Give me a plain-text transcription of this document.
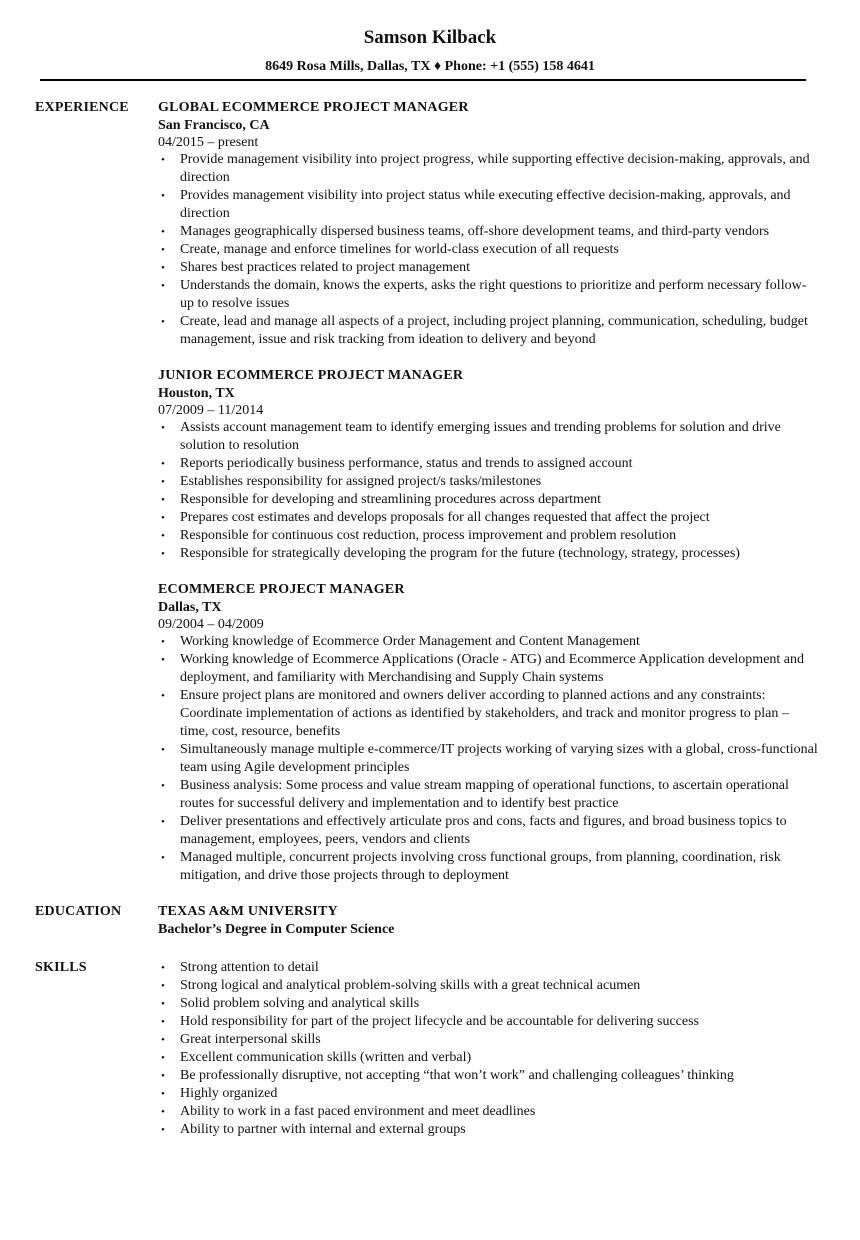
Samson Kilback
8649 Rosa Mills, Dallas, TX ♦ Phone: +1 (555) 158 4641
EXPERIENCE GLOBAL ECOMMERCE PROJECT MANAGER
San Francisco, CA
04/2015 – present
• Provide management visibility into project progress, while supporting effective decision-making, approvals, and direction
• Provides management visibility into project status while executing effective decision-making, approvals, and direction
• Manages geographically dispersed business teams, off-shore development teams, and third-party vendors
• Create, manage and enforce timelines for world-class execution of all requests
• Shares best practices related to project management
• Understands the domain, knows the experts, asks the right questions to prioritize and perform necessary follow-up to resolve issues
• Create, lead and manage all aspects of a project, including project planning, communication, scheduling, budget management, issue and risk tracking from ideation to delivery and beyond
JUNIOR ECOMMERCE PROJECT MANAGER
Houston, TX
07/2009 – 11/2014
• Assists account management team to identify emerging issues and trending problems for solution and drive solution to resolution
• Reports periodically business performance, status and trends to assigned account
• Establishes responsibility for assigned project/s tasks/milestones
• Responsible for developing and streamlining procedures across department
• Prepares cost estimates and develops proposals for all changes requested that affect the project
• Responsible for continuous cost reduction, process improvement and problem resolution
• Responsible for strategically developing the program for the future (technology, strategy, processes)
ECOMMERCE PROJECT MANAGER
Dallas, TX
09/2004 – 04/2009
• Working knowledge of Ecommerce Order Management and Content Management
• Working knowledge of Ecommerce Applications (Oracle - ATG) and Ecommerce Application development and deployment, and familiarity with Merchandising and Supply Chain systems
• Ensure project plans are monitored and owners deliver according to planned actions and any constraints: Coordinate implementation of actions as identified by stakeholders, and track and monitor progress to plan – time, cost, resource, benefits
• Simultaneously manage multiple e-commerce/IT projects working of varying sizes with a global, cross-functional team using Agile development principles
• Business analysis: Some process and value stream mapping of operational functions, to ascertain operational routes for successful delivery and implementation and to identify best practice
• Deliver presentations and effectively articulate pros and cons, facts and figures, and broad business topics to management, employees, peers, vendors and clients
• Managed multiple, concurrent projects involving cross functional groups, from planning, coordination, risk mitigation, and drive those projects through to deployment
EDUCATION	TEXAS A&M UNIVERSITY
Bachelor’s Degree in Computer Science
SKILLS	• Strong attention to detail
• Strong logical and analytical problem-solving skills with a great technical acumen
• Solid problem solving and analytical skills
• Hold responsibility for part of the project lifecycle and be accountable for delivering success
• Great interpersonal skills
• Excellent communication skills (written and verbal)
• Be professionally disruptive, not accepting “that won’t work” and challenging colleagues’ thinking
• Highly organized
• Ability to work in a fast paced environment and meet deadlines
• Ability to partner with internal and external groups
